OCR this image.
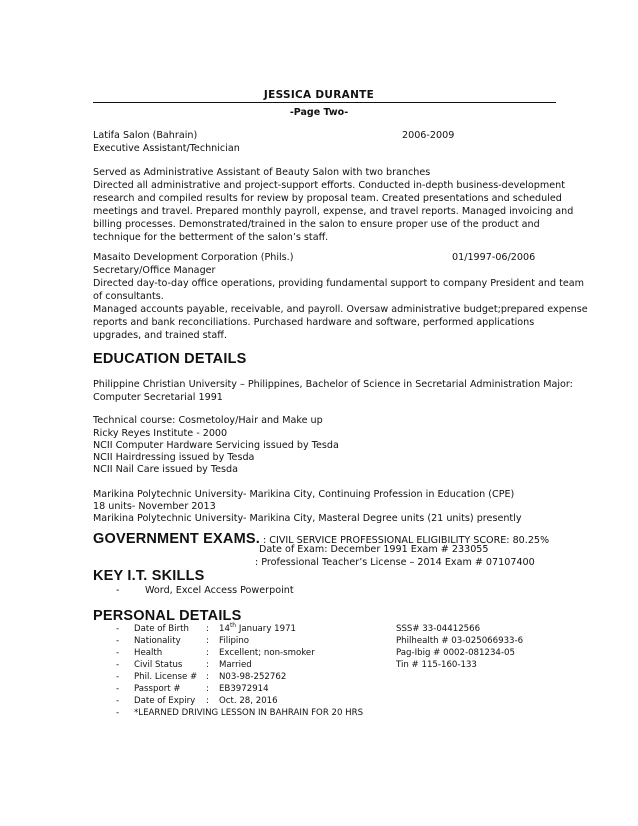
JESSICA DURANTE
-Page Two-
Latifa Salon (Bahrain)	2006-2009
Executive Assistant/Technician
Served as Administrative Assistant of Beauty Salon with two branches
Directed all administrative and project-support efforts. Conducted in-depth business-development
research and compiled results for review by proposal team. Created presentations and scheduled
meetings and travel. Prepared monthly payroll, expense, and travel reports. Managed invoicing and
billing processes. Demonstrated/trained in the salon to ensure proper use of the product and
technique for the betterment of the salon’s staff.
Masaito Development Corporation (Phils.)	01/1997-06/2006
Secretary/Office Manager
Directed day-to-day office operations, providing fundamental support to company President and team
of consultants.
Managed accounts payable, receivable, and payroll. Oversaw administrative budget;prepared expense
reports and bank reconciliations. Purchased hardware and software, performed applications
upgrades, and trained staff.
EDUCATION DETAILS
Philippine Christian University – Philippines, Bachelor of Science in Secretarial Administration Major:
Computer Secretarial 1991
Technical course: Cosmetoloy/Hair and Make up
Ricky Reyes Institute - 2000
NCII Computer Hardware Servicing issued by Tesda
NCII Hairdressing issued by Tesda
NCII Nail Care issued by Tesda
Marikina Polytechnic University- Marikina City, Continuing Profession in Education (CPE)
18 units- November 2013
Marikina Polytechnic University- Marikina City, Masteral Degree units (21 units) presently
GOVERNMENT EXAMS. : CIVIL SERVICE PROFESSIONAL ELIGIBILITY SCORE: 80.25%
Date of Exam: December 1991 Exam # 233055
: Professional Teacher’s License – 2014 Exam # 07107400
KEY I.T. SKILLS
-	Word, Excel Access Powerpoint
PERSONAL DETAILS
- Date of Birth : 14th January 1971	SSS# 33-04412566
- Nationality	: Filipino	Philhealth # 03-025066933-6
- Health	: Excellent; non-smoker	Pag-Ibig # 0002-081234-05
- Civil Status	: Married	Tin # 115-160-133
- Phil. License # : N03-98-252762
- Passport #	: EB3972914
- Date of Expiry : Oct. 28, 2016
- *LEARNED DRIVING LESSON IN BAHRAIN FOR 20 HRS
